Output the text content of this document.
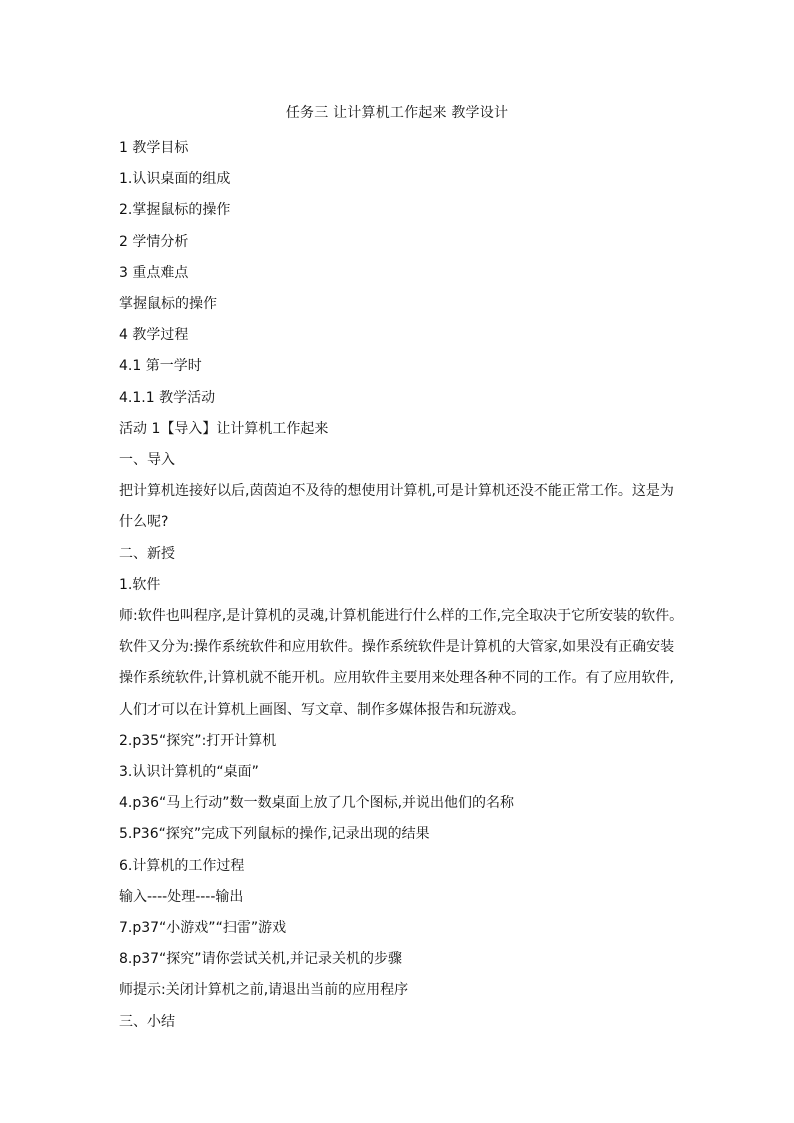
任务三 让计算机工作起来 教学设计
1 教学目标
1.认识桌面的组成
2.掌握鼠标的操作
2 学情分析
3 重点难点
掌握鼠标的操作
4 教学过程
4.1 第一学时
4.1.1 教学活动
活动 1【导入】让计算机工作起来
一、导入
把计算机连接好以后,茵茵迫不及待的想使用计算机,可是计算机还没不能正常工作。这是为
什么呢?
二、新授
1.软件
师:软件也叫程序,是计算机的灵魂,计算机能进行什么样的工作,完全取决于它所安装的软件。
软件又分为:操作系统软件和应用软件。操作系统软件是计算机的大管家,如果没有正确安装
操作系统软件,计算机就不能开机。应用软件主要用来处理各种不同的工作。有了应用软件,
人们才可以在计算机上画图、写文章、制作多媒体报告和玩游戏。
2.p35“探究”:打开计算机
3.认识计算机的“桌面”
4.p36“马上行动”数一数桌面上放了几个图标,并说出他们的名称
5.P36“探究”完成下列鼠标的操作,记录出现的结果
6.计算机的工作过程
输入----处理----输出
7.p37“小游戏”“扫雷”游戏
8.p37“探究”请你尝试关机,并记录关机的步骤
师提示:关闭计算机之前,请退出当前的应用程序
三、小结
